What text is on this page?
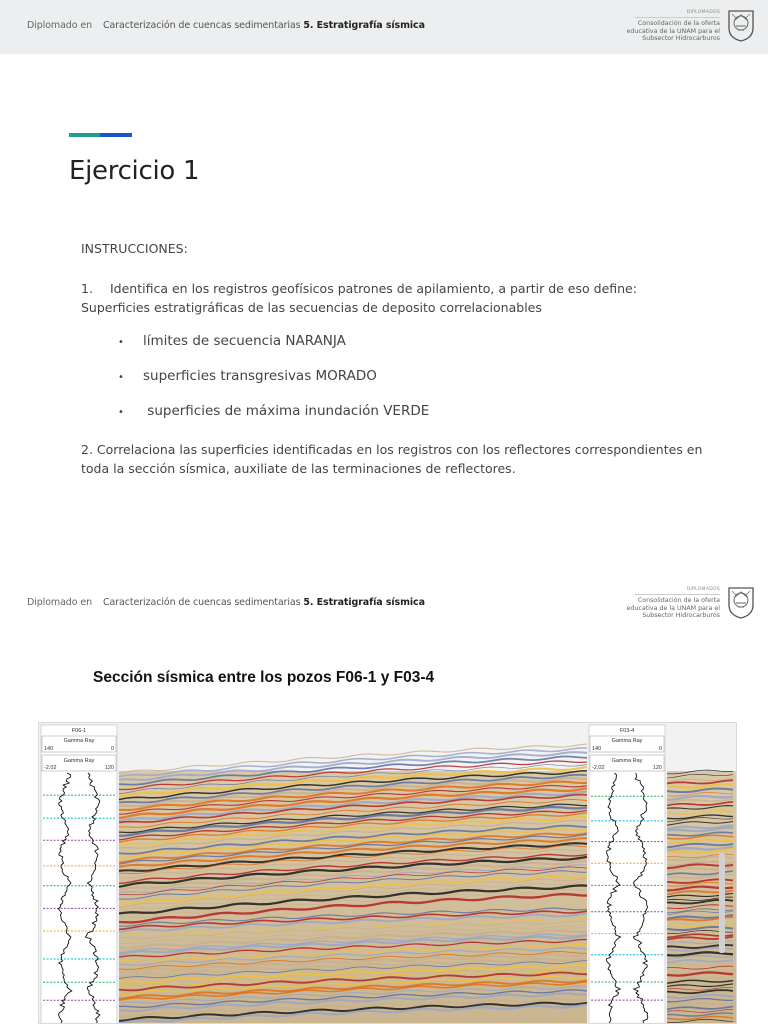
Diplomado en Caracterización de cuencas sedimentarias 5. Estratigrafía sísmica
DIPLOMADOS
Consolidación de la oferta
educativa de la UNAM para el
Subsector Hidrocarburos
Ejercicio 1
INSTRUCCIONES:
1. Identifica en los registros geofísicos patrones de apilamiento, a partir de eso define:
Superficies estratigráficas de las secuencias de deposito correlacionables
• límites de secuencia NARANJA
• superficies transgresivas MORADO
• superficies de máxima inundación VERDE
2. Correlaciona las superficies identificadas en los registros con los reflectores correspondientes en
toda la sección sísmica, auxiliate de las terminaciones de reflectores.
Diplomado en Caracterización de cuencas sedimentarias 5. Estratigrafía sísmica
DIPLOMADOS
Consolidación de la oferta
educativa de la UNAM para el
Subsector Hidrocarburos
Sección sísmica entre los pozos F06-1 y F03-4
F06-1
Gamma Ray
140	0
Gamma Ray
-2.02	120
F03-4
Gamma Ray
140	0
Gamma Ray
-2.02	120
